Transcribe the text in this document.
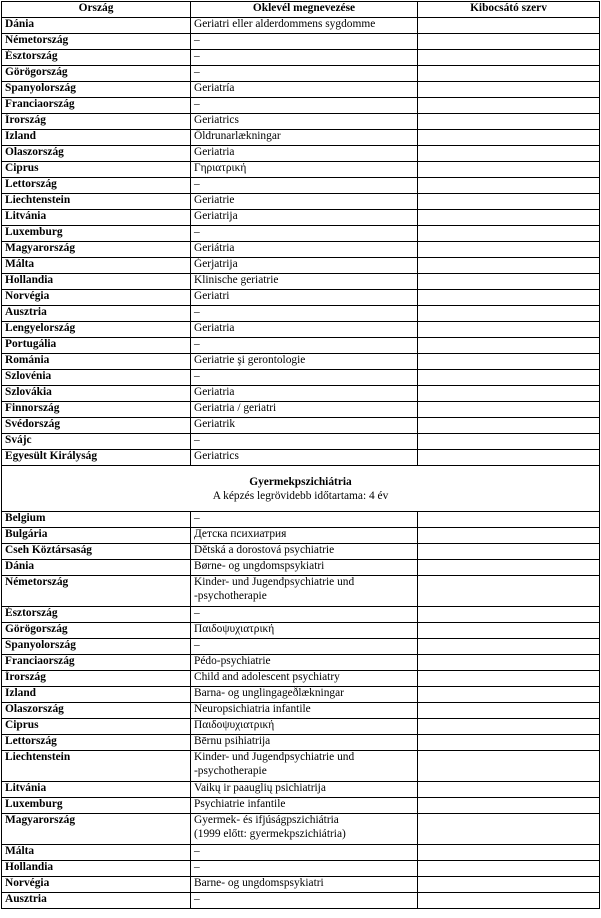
Ország	Oklevél megnevezése	Kibocsátó szerv
Dánia	Geriatri eller alderdommens sygdomme	

Németország	–	

Észtország	–	

Görögország	–	

Spanyolország	Geriatría	

Franciaország	–	

Írország	Geriatrics	

Izland	Öldrunarlækningar	

Olaszország	Geriatria	

Ciprus	Γηριατρική	

Lettország	–	

Liechtenstein	Geriatrie	

Litvánia	Geriatrija	

Luxemburg	–	

Magyarország	Geriátria	

Málta	Ġerjatrija	

Hollandia	Klinische geriatrie	

Norvégia	Geriatri	

Ausztria	–	

Lengyelország	Geriatria	

Portugália	–	

Románia	Geriatrie şi gerontologie	

Szlovénia	–	

Szlovákia	Geriatria	

Finnország	Geriatria / geriatri	

Svédország	Geriatrik	

Svájc	–	

Egyesült Királyság	Geriatrics	

Gyermekpszichiátria
A képzés legrövidebb időtartama: 4 év		

Belgium	–	

Bulgária	Детска психиатрия	

Cseh Köztársaság	Dětská a dorostová psychiatrie	

Dánia	Børne- og ungdomspsykiatri	

Németország	Kinder- und Jugendpsychiatrie und
-psychotherapie	

Észtország	–	

Görögország	Παιδοψυχιατρική	

Spanyolország	–	

Franciaország	Pédo-psychiatrie	

Írország	Child and adolescent psychiatry	

Izland	Barna- og unglingageðlækningar	

Olaszország	Neuropsichiatria infantile	

Ciprus	Παιδοψυχιατρική	

Lettország	Bērnu psihiatrija	

Liechtenstein	Kinder- und Jugendpsychiatrie und
-psychotherapie	

Litvánia	Vaikų ir paauglių psichiatrija	

Luxemburg	Psychiatrie infantile	

Magyarország	Gyermek- és ifjúságpszichiátria
(1999 előtt: gyermekpszichiátria)	

Málta	–	

Hollandia	–	

Norvégia	Barne- og ungdomspsykiatri	

Ausztria	–	
